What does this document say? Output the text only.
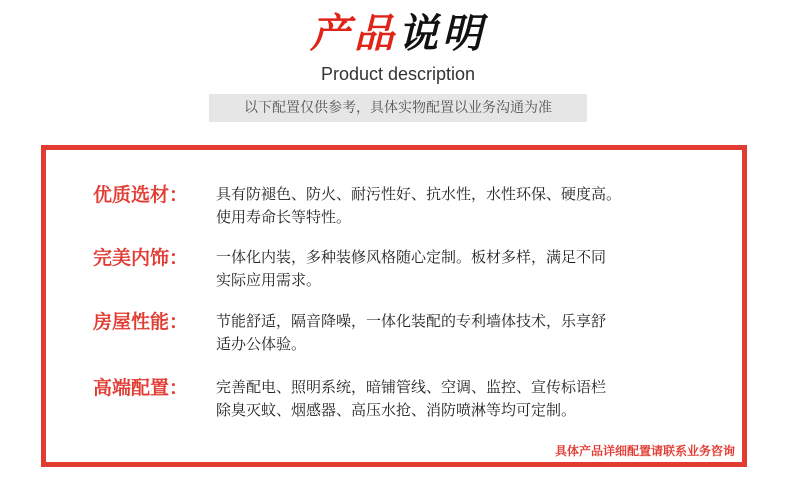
产品说明
Product description
以下配置仅供参考，具体实物配置以业务沟通为准
优质选材： 具有防褪色、防火、耐污性好、抗水性，水性环保、硬度高。
使用寿命长等特性。
完美内饰： 一体化内装，多种装修风格随心定制。板材多样，满足不同
实际应用需求。
房屋性能： 节能舒适，隔音降噪，一体化装配的专利墙体技术，乐享舒
适办公体验。
高端配置： 完善配电、照明系统，暗铺管线、空调、监控、宣传标语栏
除臭灭蚊、烟感器、高压水抢、消防喷淋等均可定制。
具体产品详细配置请联系业务咨询
